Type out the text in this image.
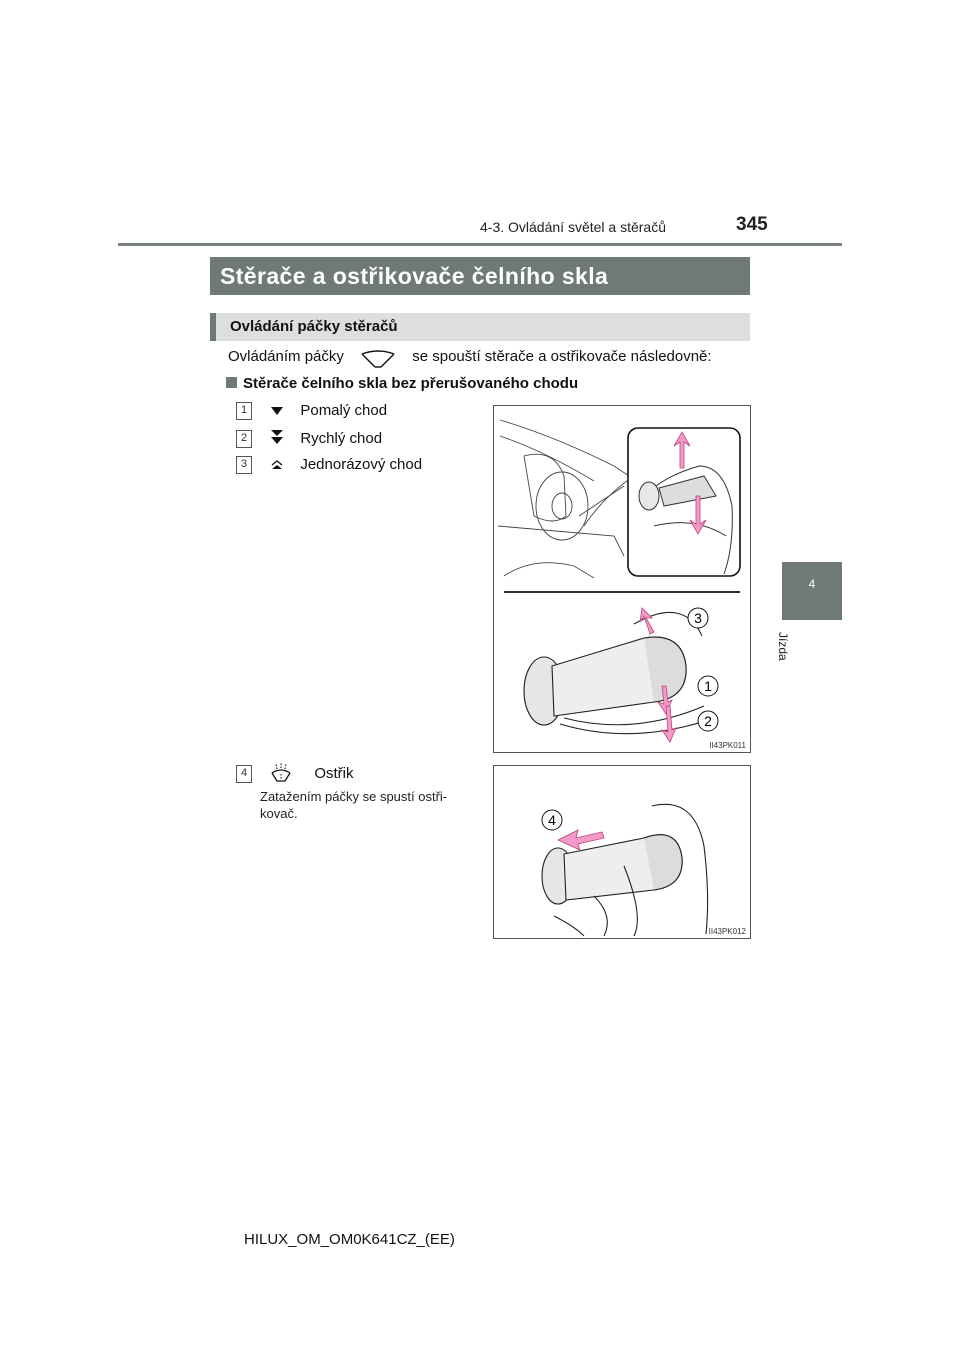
4-3. Ovládání světel a stěračů	345
4
Jízda
Stěrače a ostřikovače čelního skla
Ovládání páčky stěračů
Ovládáním páčky	se spouští stěrače a ostřikovače následovně:
Stěrače čelního skla bez přerušovaného chodu
1	Pomalý chod
2	Rychlý chod
3	Jednorázový chod
3
1
2
II43PK011
4	Ostřik
Zatažením páčky se spustí ostři-
kovač.	4
II43PK012
HILUX_OM_OM0K641CZ_(EE)
